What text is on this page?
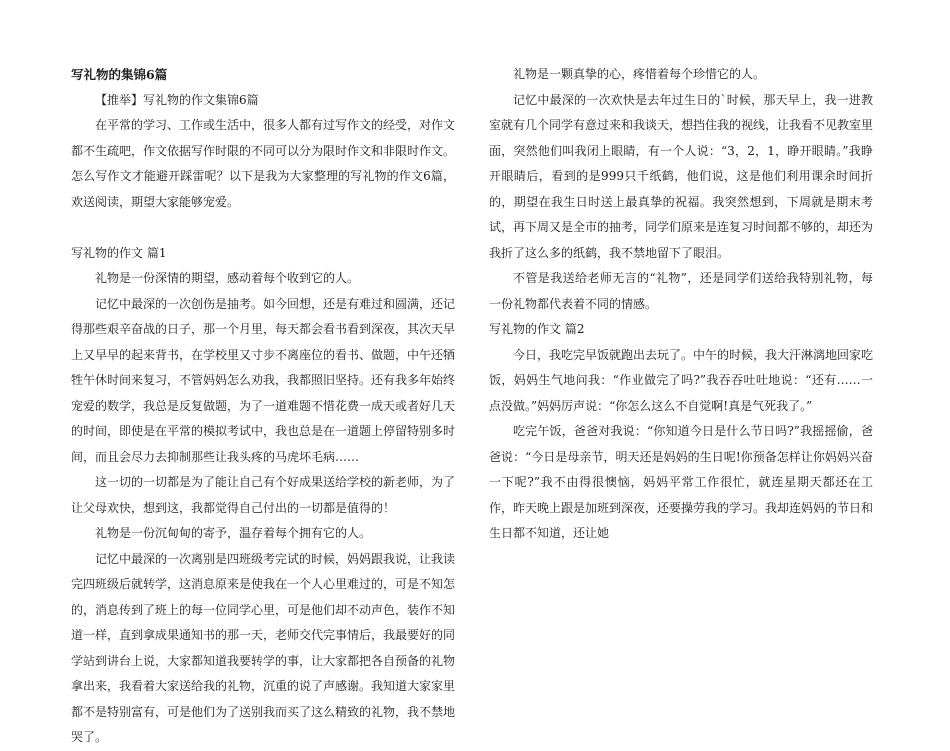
写礼物的集锦6篇

【推举】写礼物的作文集锦6篇

在平常的学习、工作或生活中，很多人都有过写作文的经受，对作文都不生疏吧，作文依据写作时限的不同可以分为限时作文和非限时作文。怎么写作文才能避开踩雷呢？以下是我为大家整理的写礼物的作文6篇，欢送阅读，期望大家能够宠爱。

写礼物的作文 篇1

礼物是一份深情的期望，感动着每个收到它的人。

记忆中最深的一次创伤是抽考。如今回想，还是有难过和圆满，还记得那些艰辛奋战的日子，那一个月里，每天都会看书看到深夜，其次天早上又早早的起来背书，在学校里又寸步不离座位的看书、做题，中午还牺牲午休时间来复习，不管妈妈怎么劝我，我都照旧坚持。还有我多年始终宠爱的数学，我总是反复做题，为了一道难题不惜花费一成天或者好几天的时间，即使是在平常的模拟考试中，我也总是在一道题上停留特别多时间，而且会尽力去抑制那些让我头疼的马虎坏毛病……

这一切的一切都是为了能让自己有个好成果送给学校的新老师，为了让父母欢快，想到这，我都觉得自己付出的一切都是值得的！

礼物是一份沉甸甸的寄予，温存着每个拥有它的人。

记忆中最深的一次离别是四班级考完试的时候，妈妈跟我说，让我读完四班级后就转学，这消息原来是使我在一个人心里难过的，可是不知怎的，消息传到了班上的每一位同学心里，可是他们却不动声色，装作不知道一样，直到拿成果通知书的那一天，老师交代完事情后，我最要好的同学站到讲台上说，大家都知道我要转学的事，让大家都把各自预备的礼物拿出来，我看着大家送给我的礼物，沉重的说了声感谢。我知道大家家里都不是特别富有，可是他们为了送别我而买了这么精致的礼物，我不禁地哭了。

礼物是一颗真挚的心，疼惜着每个珍惜它的人。

记忆中最深的一次欢快是去年过生日的`时候，那天早上，我一进教室就有几个同学有意过来和我谈天，想挡住我的视线，让我看不见教室里面，突然他们叫我闭上眼睛，有一个人说：“3，2，1，睁开眼睛。”我睁开眼睛后，看到的是999只千纸鹤，他们说，这是他们利用课余时间折的，期望在我生日时送上最真挚的祝福。我突然想到，下周就是期末考试，再下周又是全市的抽考，同学们原来是连复习时间都不够的，却还为我折了这么多的纸鹤，我不禁地留下了眼泪。

不管是我送给老师无言的“礼物”，还是同学们送给我特别礼物，每一份礼物都代表着不同的情感。

写礼物的作文 篇2

今日，我吃完早饭就跑出去玩了。中午的时候，我大汗淋漓地回家吃饭，妈妈生气地问我：“作业做完了吗?”我吞吞吐吐地说：“还有……一点没做。”妈妈厉声说：“你怎么这么不自觉啊!真是气死我了。”

吃完午饭，爸爸对我说：“你知道今日是什么节日吗?”我摇摇偷，爸爸说：“今日是母亲节，明天还是妈妈的生日呢!你预备怎样让你妈妈兴奋一下呢?”我不由得很懊恼，妈妈平常工作很忙，就连星期天都还在工作，昨天晚上跟是加班到深夜，还要操劳我的学习。我却连妈妈的节日和生日都不知道，还让她
